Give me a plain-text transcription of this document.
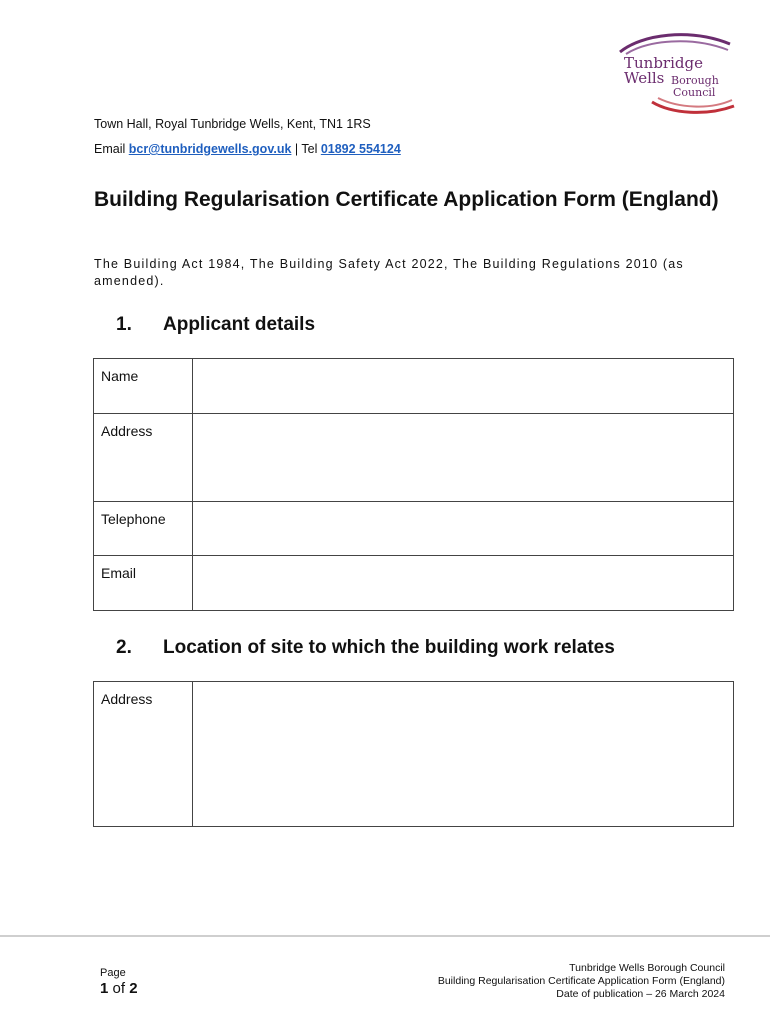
Tunbridge
Wells Borough
Council
Town Hall, Royal Tunbridge Wells, Kent, TN1 1RS
Email bcr@tunbridgewells.gov.uk | Tel 01892 554124
Building Regularisation Certificate Application Form (England)
The Building Act 1984, The Building Safety Act 2022, The Building Regulations 2010 (as amended).
1. Applicant details
Name	
Address	
Telephone	
Email	
2. Location of site to which the building work relates
Address	
Page
1 of 2
Tunbridge Wells Borough Council
Building Regularisation Certificate Application Form (England)
Date of publication – 26 March 2024
